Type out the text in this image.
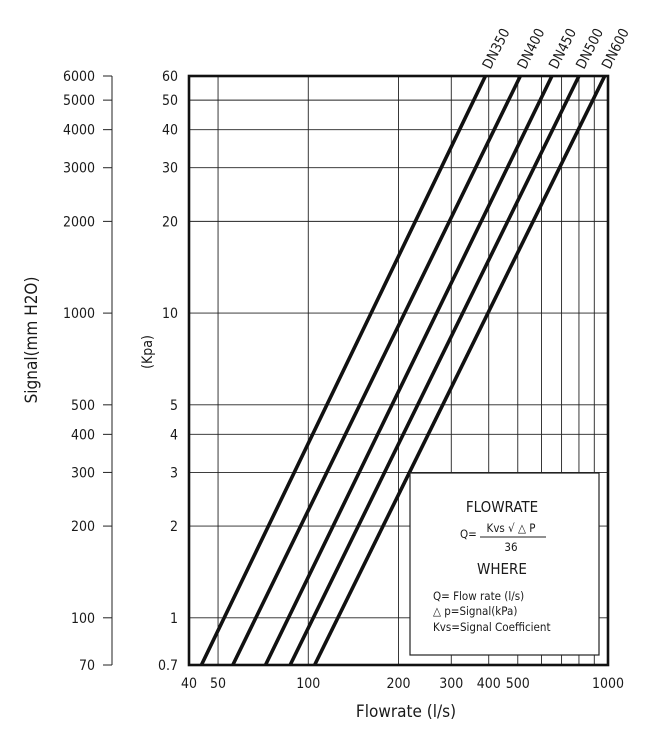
40 50	100	200 300 400 500	1000
0.7
1
2
3
4
5
10
20
30
40
50
60
DN350 DN400
DN450
DN500
DN600
70
100
200
300
400
500
1000
2000
3000
4000
5000
6000
Flowrate (l/s)
Signal(mm H2O)	(Kpa)
FLOWRATE
Q= Kvs √ △ P
36
WHERE
Q= Flow rate (l/s)
△ p=Signal(kPa)
Kvs=Signal Coefficient
